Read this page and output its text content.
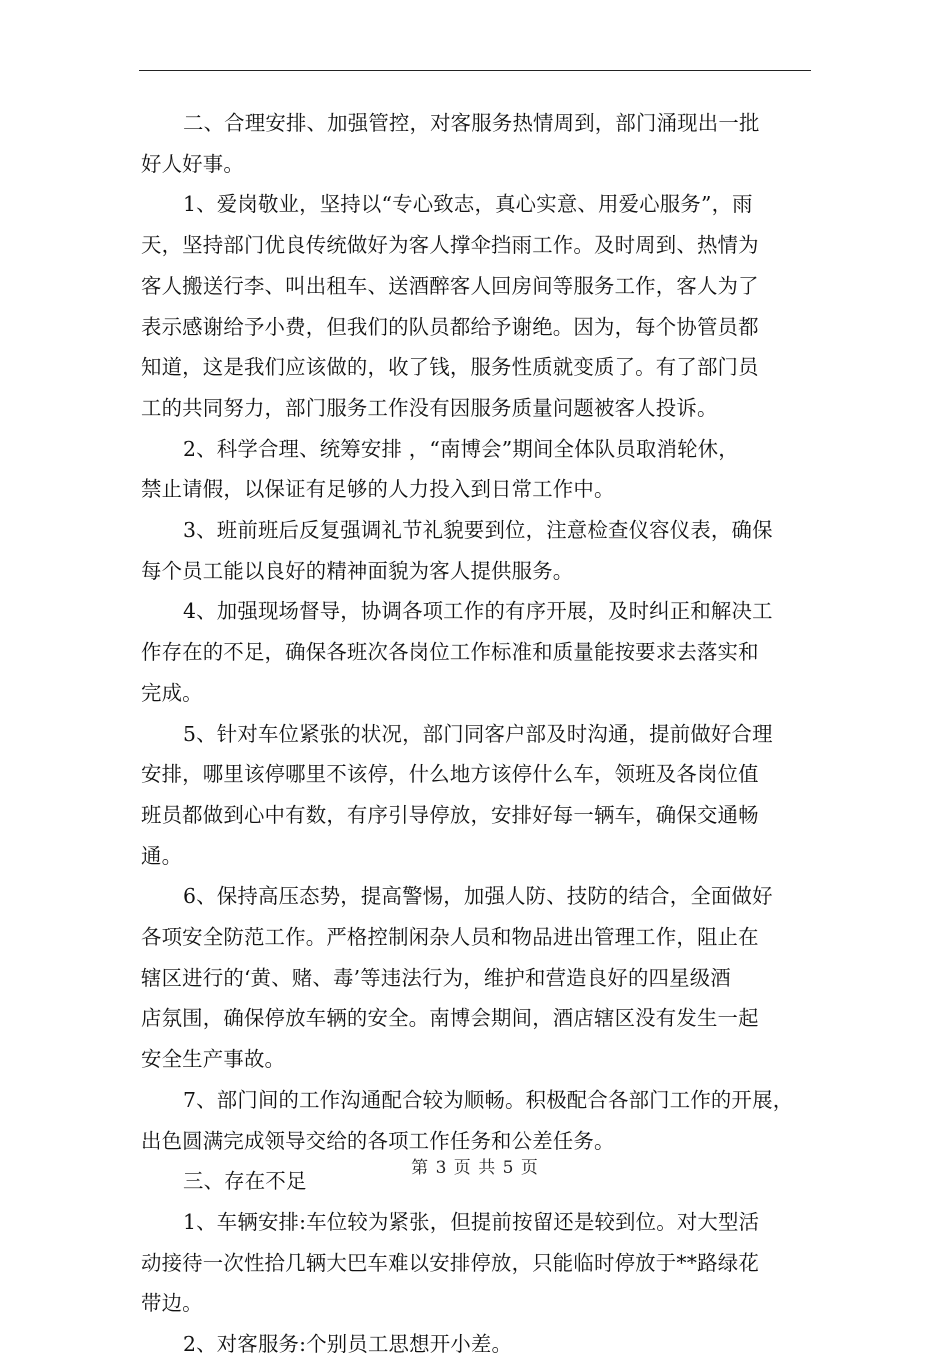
二、合理安排、加强管控，对客服务热情周到，部门涌现出一批
好人好事。
1、爱岗敬业，坚持以“专心致志，真心实意、用爱心服务”，雨
天，坚持部门优良传统做好为客人撑伞挡雨工作。及时周到、热情为
客人搬送行李、叫出租车、送酒醉客人回房间等服务工作，客人为了
表示感谢给予小费，但我们的队员都给予谢绝。因为，每个协管员都
知道，这是我们应该做的，收了钱，服务性质就变质了。有了部门员
工的共同努力，部门服务工作没有因服务质量问题被客人投诉。
2、科学合理、统筹安排 ，“南博会”期间全体队员取消轮休，
禁止请假，以保证有足够的人力投入到日常工作中。
3、班前班后反复强调礼节礼貌要到位，注意检查仪容仪表，确保
每个员工能以良好的精神面貌为客人提供服务。
4、加强现场督导，协调各项工作的有序开展，及时纠正和解决工
作存在的不足，确保各班次各岗位工作标准和质量能按要求去落实和
完成。
5、针对车位紧张的状况，部门同客户部及时沟通，提前做好合理
安排，哪里该停哪里不该停，什么地方该停什么车，领班及各岗位值
班员都做到心中有数，有序引导停放，安排好每一辆车，确保交通畅
通。
6、保持高压态势，提高警惕，加强人防、技防的结合，全面做好
各项安全防范工作。严格控制闲杂人员和物品进出管理工作，阻止在
辖区进行的‘黄、赌、毒’等违法行为，维护和营造良好的四星级酒
店氛围，确保停放车辆的安全。南博会期间，酒店辖区没有发生一起
安全生产事故。
7、部门间的工作沟通配合较为顺畅。积极配合各部门工作的开展，
出色圆满完成领导交给的各项工作任务和公差任务。
三、存在不足
1、车辆安排:车位较为紧张，但提前按留还是较到位。对大型活
动接待一次性拾几辆大巴车难以安排停放，只能临时停放于**路绿花
带边。
2、对客服务:个别员工思想开小差。
第 3 页 共 5 页
